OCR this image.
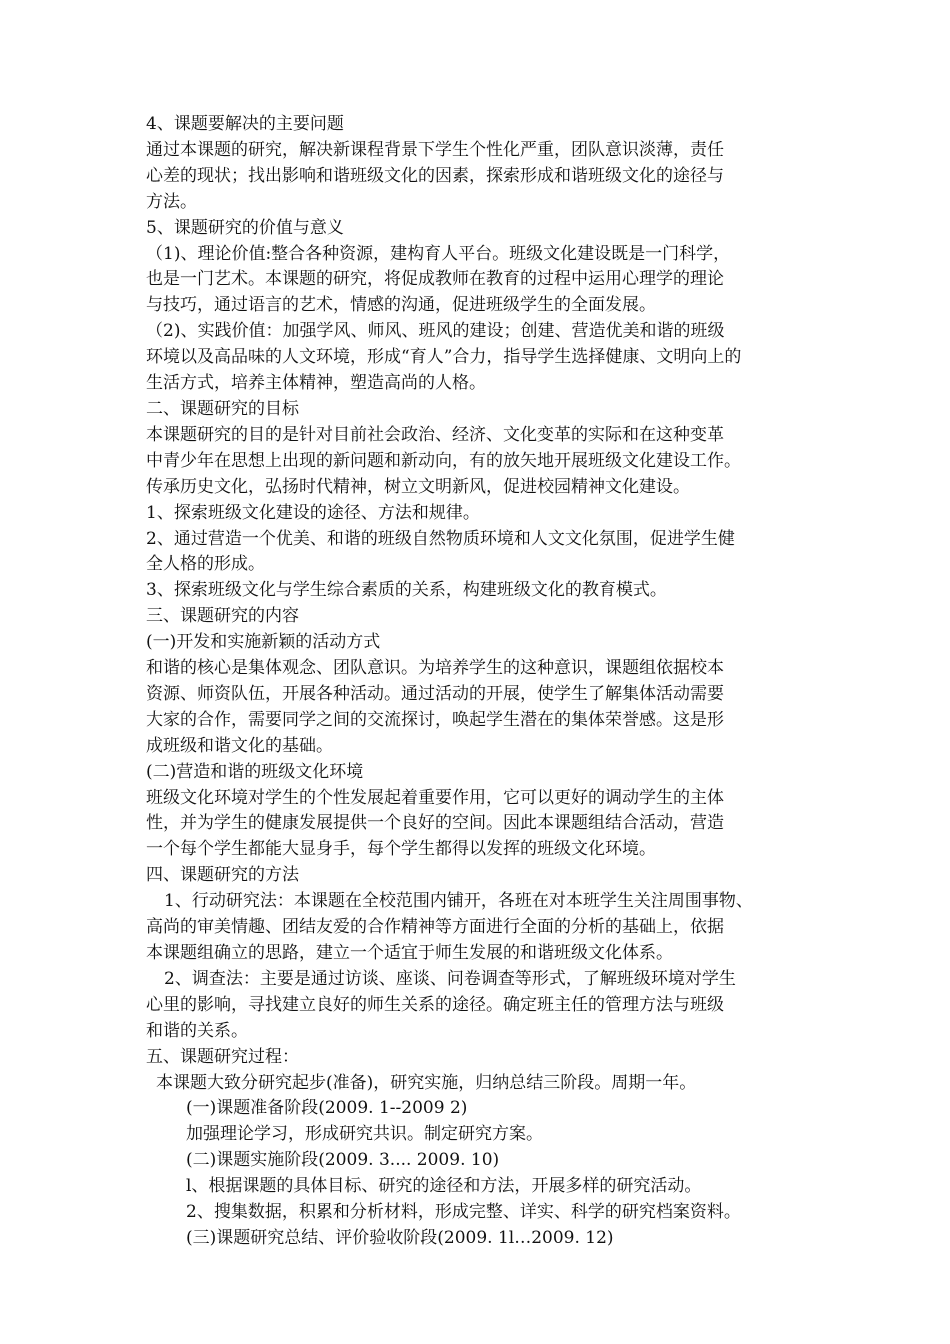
4、课题要解决的主要问题
通过本课题的研究，解决新课程背景下学生个性化严重，团队意识淡薄，责任
心差的现状；找出影响和谐班级文化的因素，探索形成和谐班级文化的途径与
方法。
5、课题研究的价值与意义
（1)、理论价值:整合各种资源，建构育人平台。班级文化建设既是一门科学，
也是一门艺术。本课题的研究，将促成教师在教育的过程中运用心理学的理论
与技巧，通过语言的艺术，情感的沟通，促进班级学生的全面发展。
（2)、实践价值：加强学风、师风、班风的建设；创建、营造优美和谐的班级
环境以及高品味的人文环境，形成“育人”合力，指导学生选择健康、文明向上的
生活方式，培养主体精神，塑造高尚的人格。
二、课题研究的目标
本课题研究的目的是针对目前社会政治、经济、文化变革的实际和在这种变革
中青少年在思想上出现的新问题和新动向，有的放矢地开展班级文化建设工作。
传承历史文化，弘扬时代精神，树立文明新风，促进校园精神文化建设。
1、探索班级文化建设的途径、方法和规律。
2、通过营造一个优美、和谐的班级自然物质环境和人文文化氛围，促进学生健
全人格的形成。
3、探索班级文化与学生综合素质的关系，构建班级文化的教育模式。
三、课题研究的内容
(一)开发和实施新颖的活动方式
和谐的核心是集体观念、团队意识。为培养学生的这种意识，课题组依据校本
资源、师资队伍，开展各种活动。通过活动的开展，使学生了解集体活动需要
大家的合作，需要同学之间的交流探讨，唤起学生潜在的集体荣誉感。这是形
成班级和谐文化的基础。
(二)营造和谐的班级文化环境
班级文化环境对学生的个性发展起着重要作用，它可以更好的调动学生的主体
性，并为学生的健康发展提供一个良好的空间。因此本课题组结合活动，营造
一个每个学生都能大显身手，每个学生都得以发挥的班级文化环境。
四、课题研究的方法
1、行动研究法：本课题在全校范围内铺开，各班在对本班学生关注周围事物、
高尚的审美情趣、团结友爱的合作精神等方面进行全面的分析的基础上，依据
本课题组确立的思路，建立一个适宜于师生发展的和谐班级文化体系。
2、调查法：主要是通过访谈、座谈、问卷调查等形式，了解班级环境对学生
心里的影响，寻找建立良好的师生关系的途径。确定班主任的管理方法与班级
和谐的关系。
五、课题研究过程：
本课题大致分研究起步(准备)，研究实施，归纳总结三阶段。周期一年。
(一)课题准备阶段(2009. 1--2009 2)
加强理论学习，形成研究共识。制定研究方案。
(二)课题实施阶段(2009. 3.... 2009. 10)
l、根据课题的具体目标、研究的途径和方法，开展多样的研究活动。
2、搜集数据，积累和分析材料，形成完整、详实、科学的研究档案资料。
(三)课题研究总结、评价验收阶段(2009. 1l…2009. 12)
